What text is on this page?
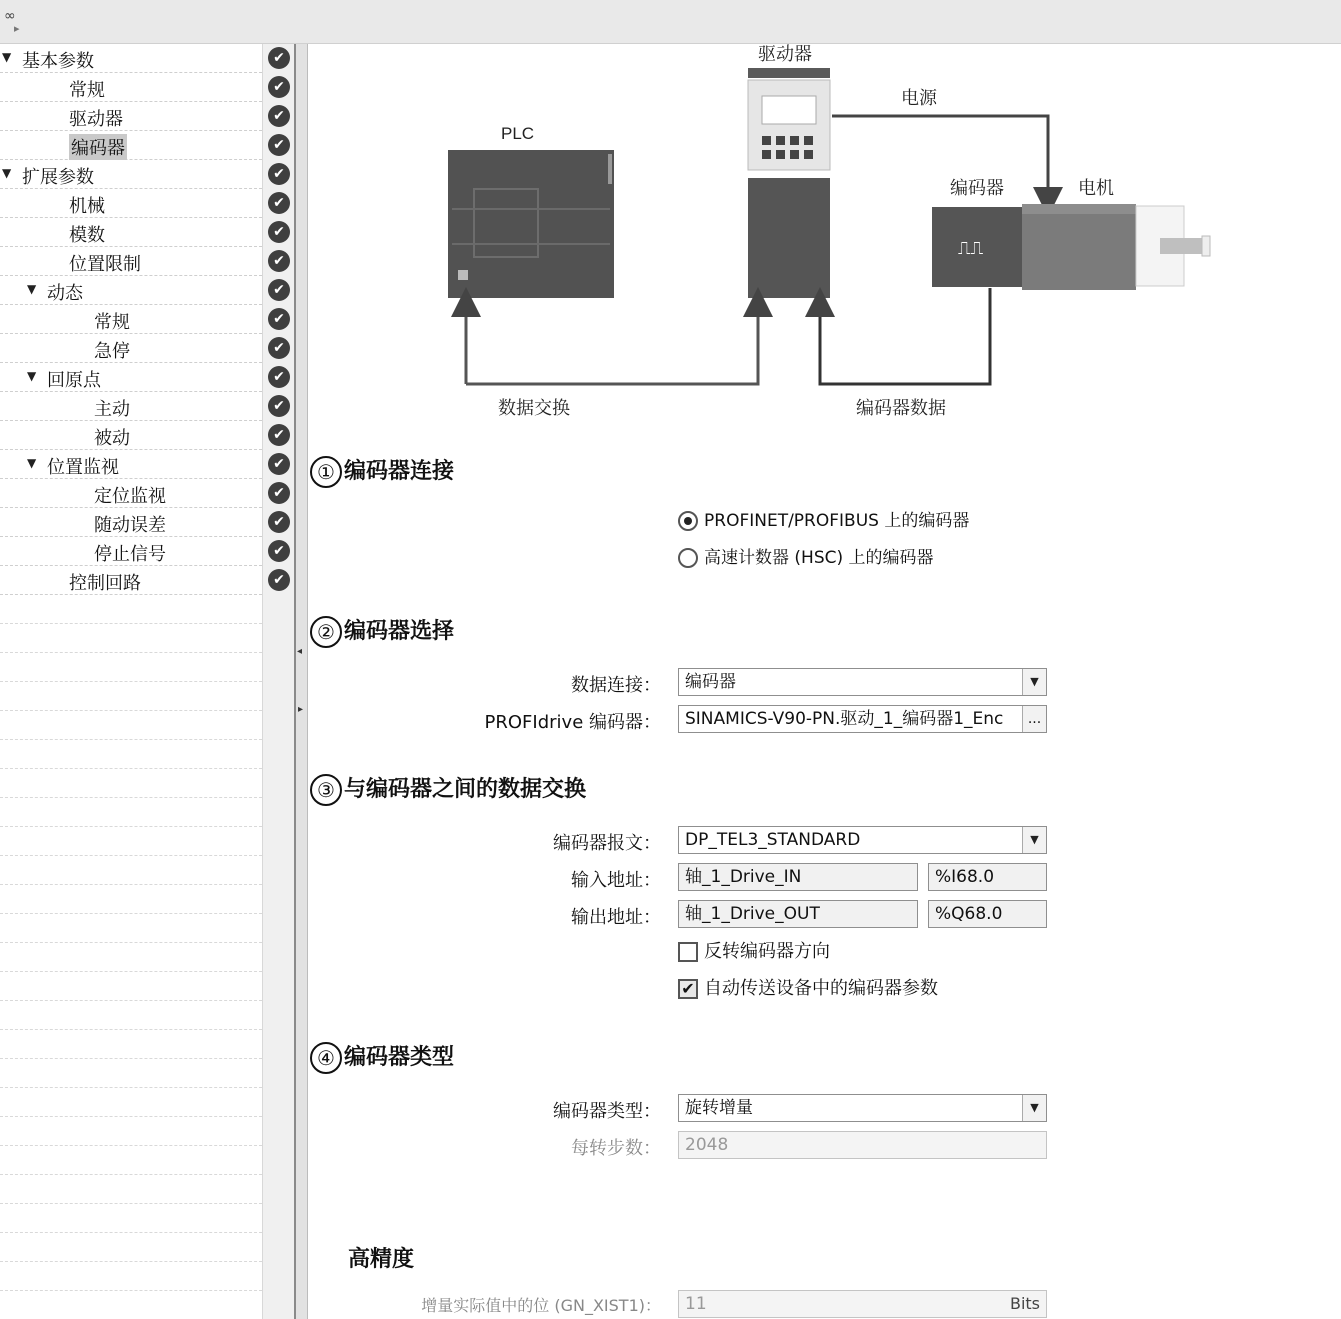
∞
▸
▼ 基本参数
常规
驱动器
编码器
▼ 扩展参数
机械
模数
位置限制
▼ 动态
常规
急停
▼ 回原点
主动
被动
▼ 位置监视
定位监视
随动误差
停止信号
控制回路
✔
✔
✔
✔
✔
✔
✔
✔
✔
✔
✔
✔
✔
✔
✔
✔
✔
✔
✔
◂
▸
PLC
驱动器
电源
编码器	电机
⎍⎍
数据交换	编码器数据
① 编码器连接
PROFINET/PROFIBUS 上的编码器
高速计数器 (HSC) 上的编码器
② 编码器选择
数据连接：	编码器	▼
PROFIdrive 编码器：	SINAMICS-V90-PN.驱动_1_编码器1_Enc	...
③ 与编码器之间的数据交换
编码器报文：	DP_TEL3_STANDARD	▼
输入地址：	轴_1_Drive_IN	%I68.0
输出地址：	轴_1_Drive_OUT	%Q68.0
反转编码器方向
✔ 自动传送设备中的编码器参数
④ 编码器类型
编码器类型：	旋转增量	▼
每转步数：	2048
高精度
增量实际值中的位 (GN_XIST1)：	11	Bits
